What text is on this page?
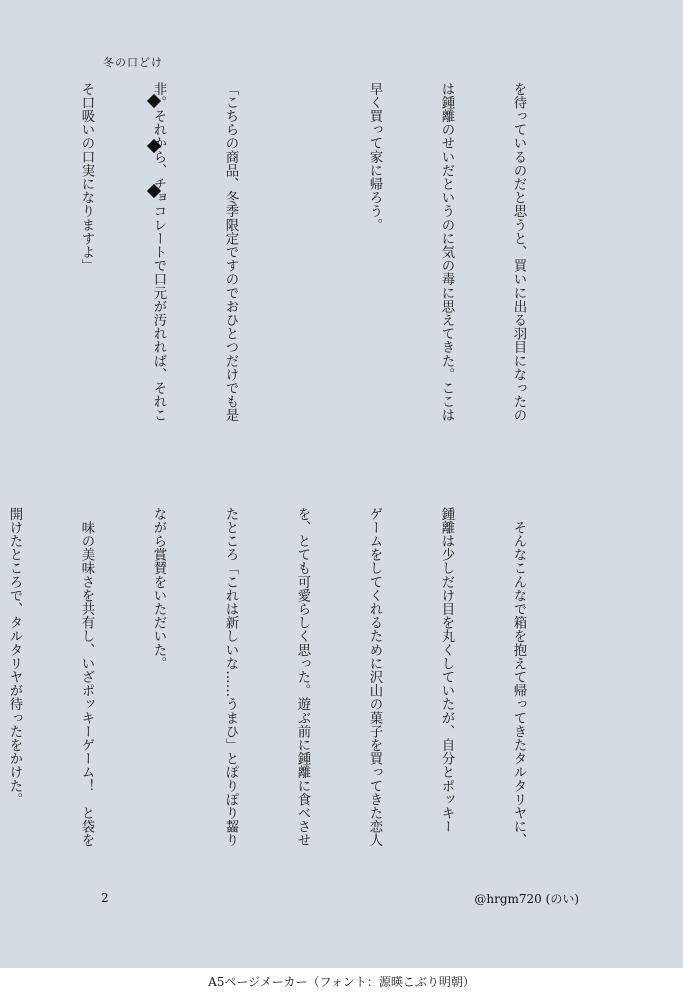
冬の口どけ

を待っているのだと思うと、買いに出る羽目になったの

は鍾離のせいだというのに気の毒に思えてきた。ここは

早く買って家に帰ろう。

「こちらの商品、冬季限定ですのでおひとつだけでも是

非。それから、チョコレートで口元が汚れれば、それこ

そ口吸いの口実になりますよ」

　そんなこんなで箱を抱えて帰ってきたタルタリヤに、

鍾離は少しだけ目を丸くしていたが、自分とポッキー

ゲームをしてくれるために沢山の菓子を買ってきた恋人

を、とても可愛らしく思った。遊ぶ前に鍾離に食べさせ

たところ「これは新しいな……うまひ」とぽりぽり齧り

ながら賞賛をいただいた。

　味の美味さを共有し、いざポッキーゲーム！　と袋を

開けたところで、タルタリヤが待ったをかけた。

2	@hrgm720 (のい)
A5ページメーカー（フォント：源暎こぶり明朝）
